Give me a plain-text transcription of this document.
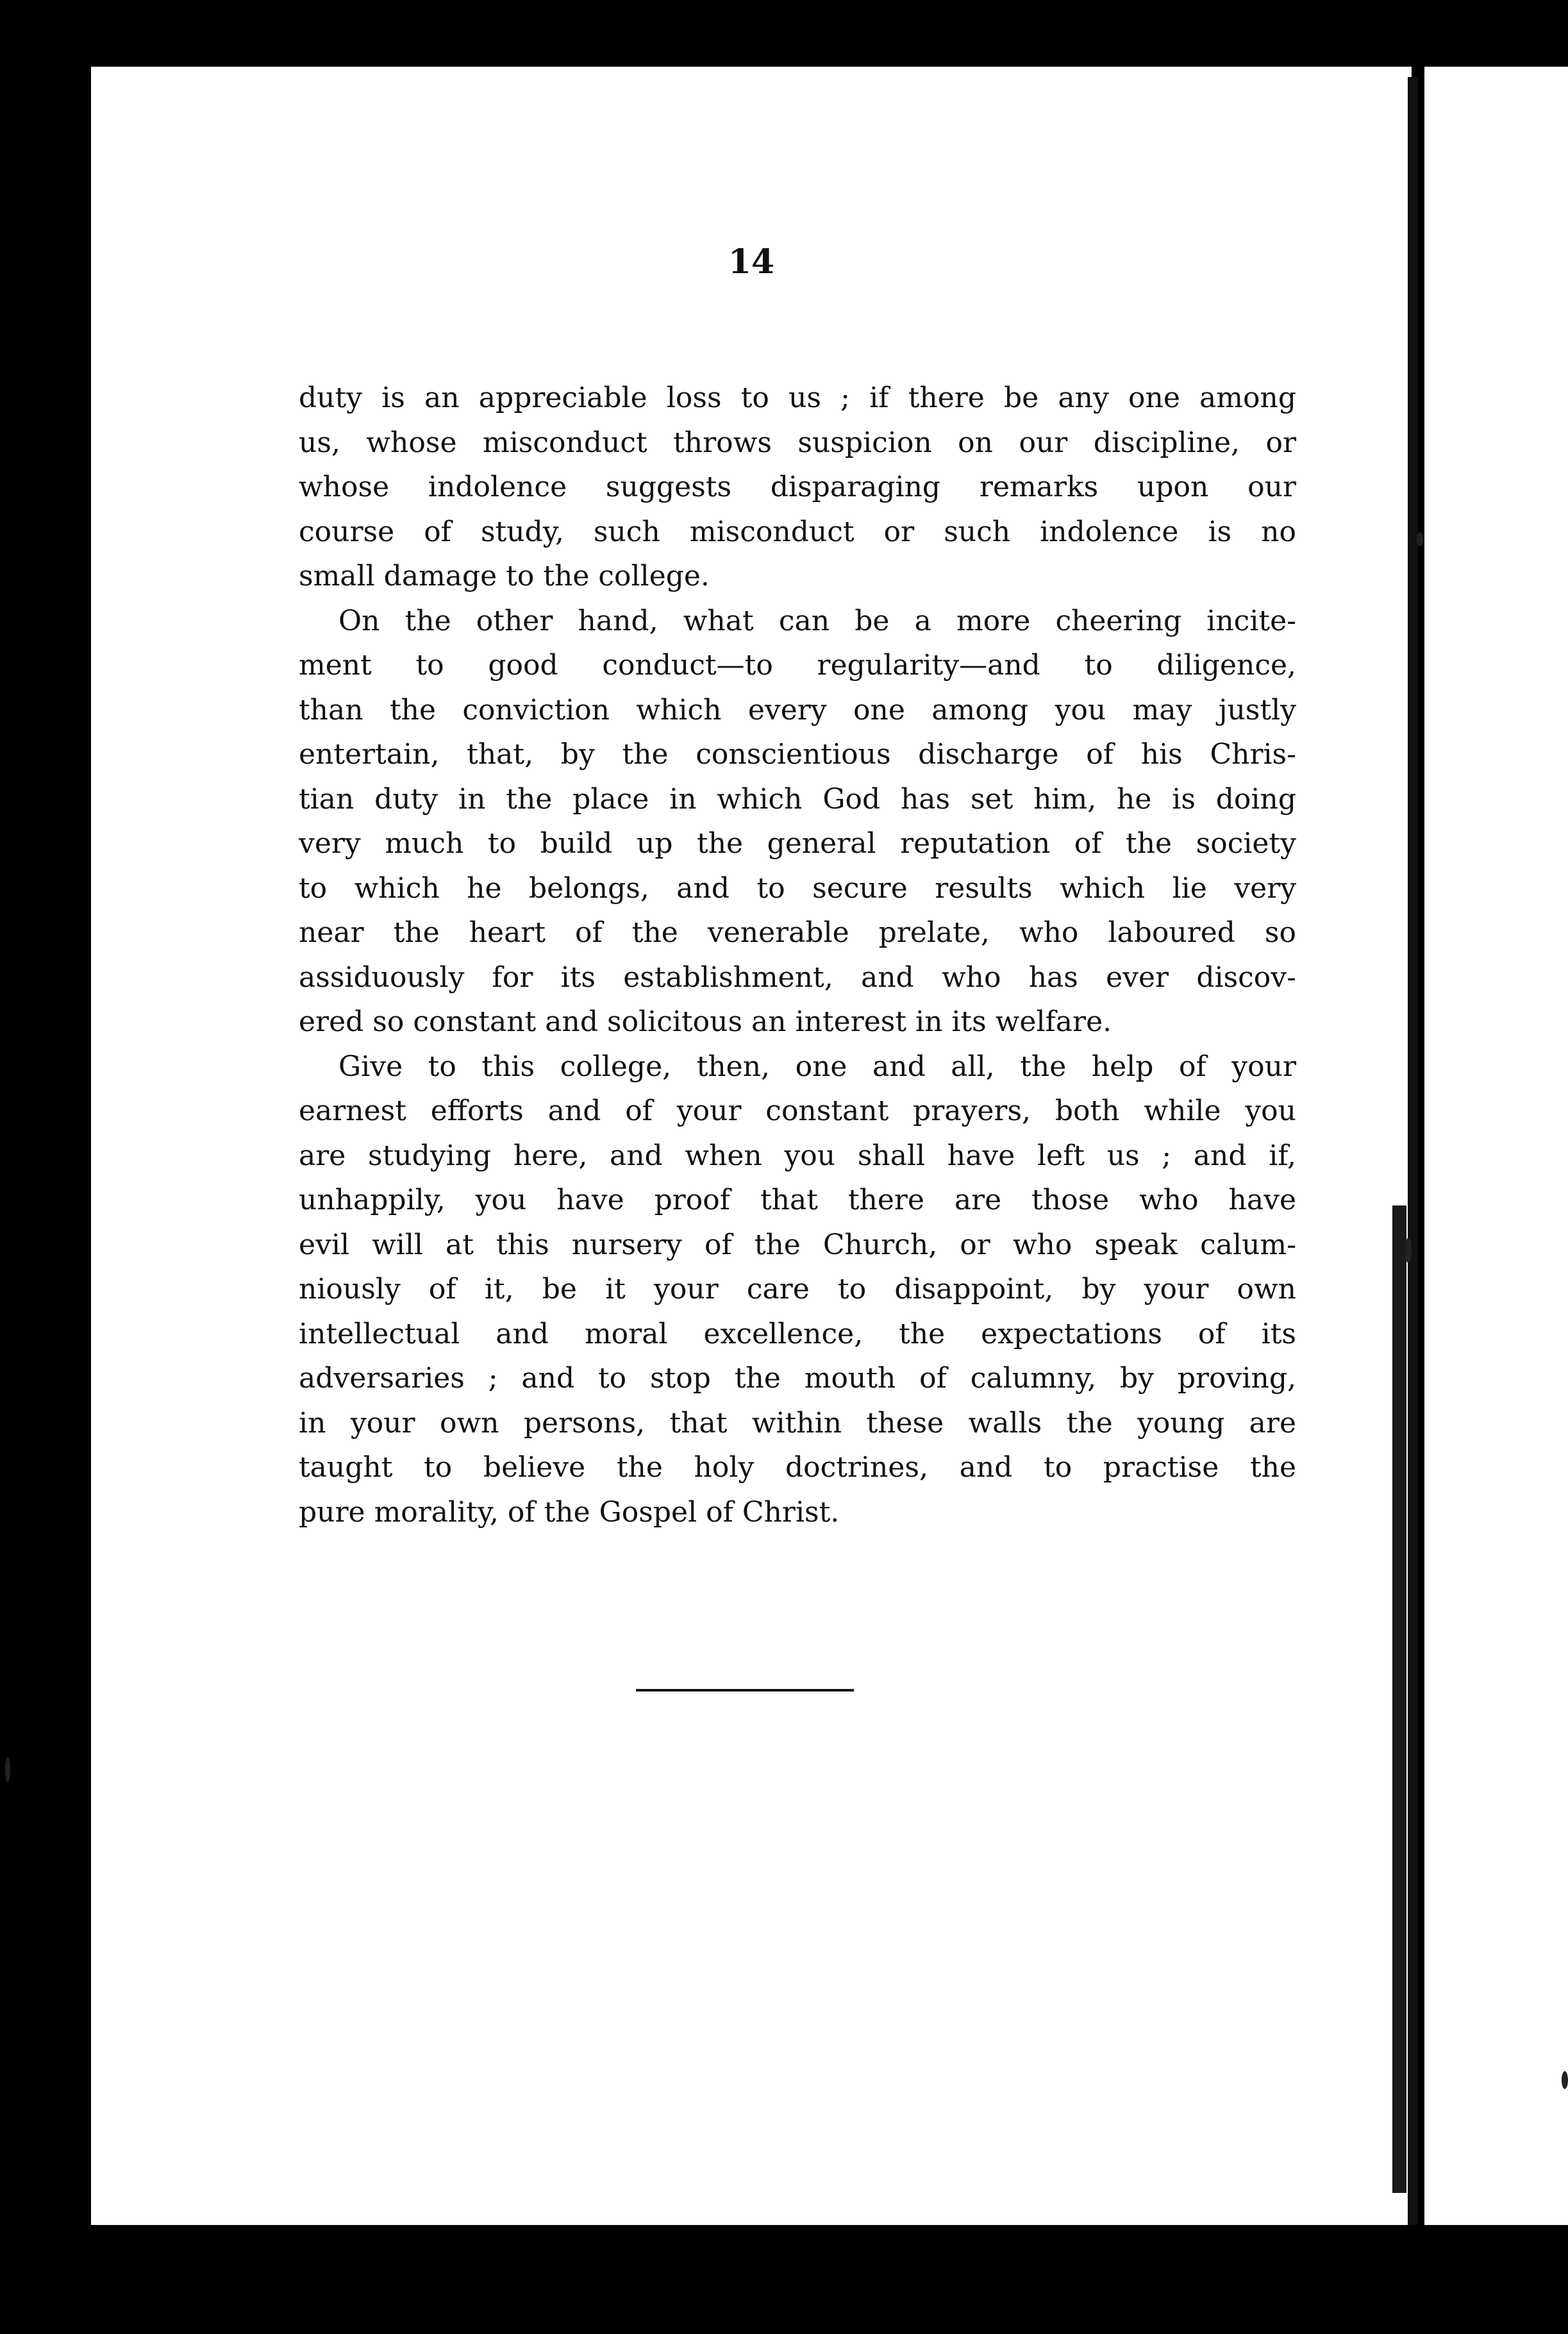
14
duty is an appreciable loss to us ; if there be any one among
us, whose misconduct throws suspicion on our discipline, or
whose indolence suggests disparaging remarks upon our
course of study, such misconduct or such indolence is no
small damage to the college.
On the other hand, what can be a more cheering incite-
ment to good conduct—to regularity—and to diligence,
than the conviction which every one among you may justly
entertain, that, by the conscientious discharge of his Chris-
tian duty in the place in which God has set him, he is doing
very much to build up the general reputation of the society
to which he belongs, and to secure results which lie very
near the heart of the venerable prelate, who laboured so
assiduously for its establishment, and who has ever discov-
ered so constant and solicitous an interest in its welfare.
Give to this college, then, one and all, the help of your
earnest efforts and of your constant prayers, both while you
are studying here, and when you shall have left us ; and if,
unhappily, you have proof that there are those who have
evil will at this nursery of the Church, or who speak calum-
niously of it, be it your care to disappoint, by your own
intellectual and moral excellence, the expectations of its
adversaries ; and to stop the mouth of calumny, by proving,
in your own persons, that within these walls the young are
taught to believe the holy doctrines, and to practise the
pure morality, of the Gospel of Christ.
